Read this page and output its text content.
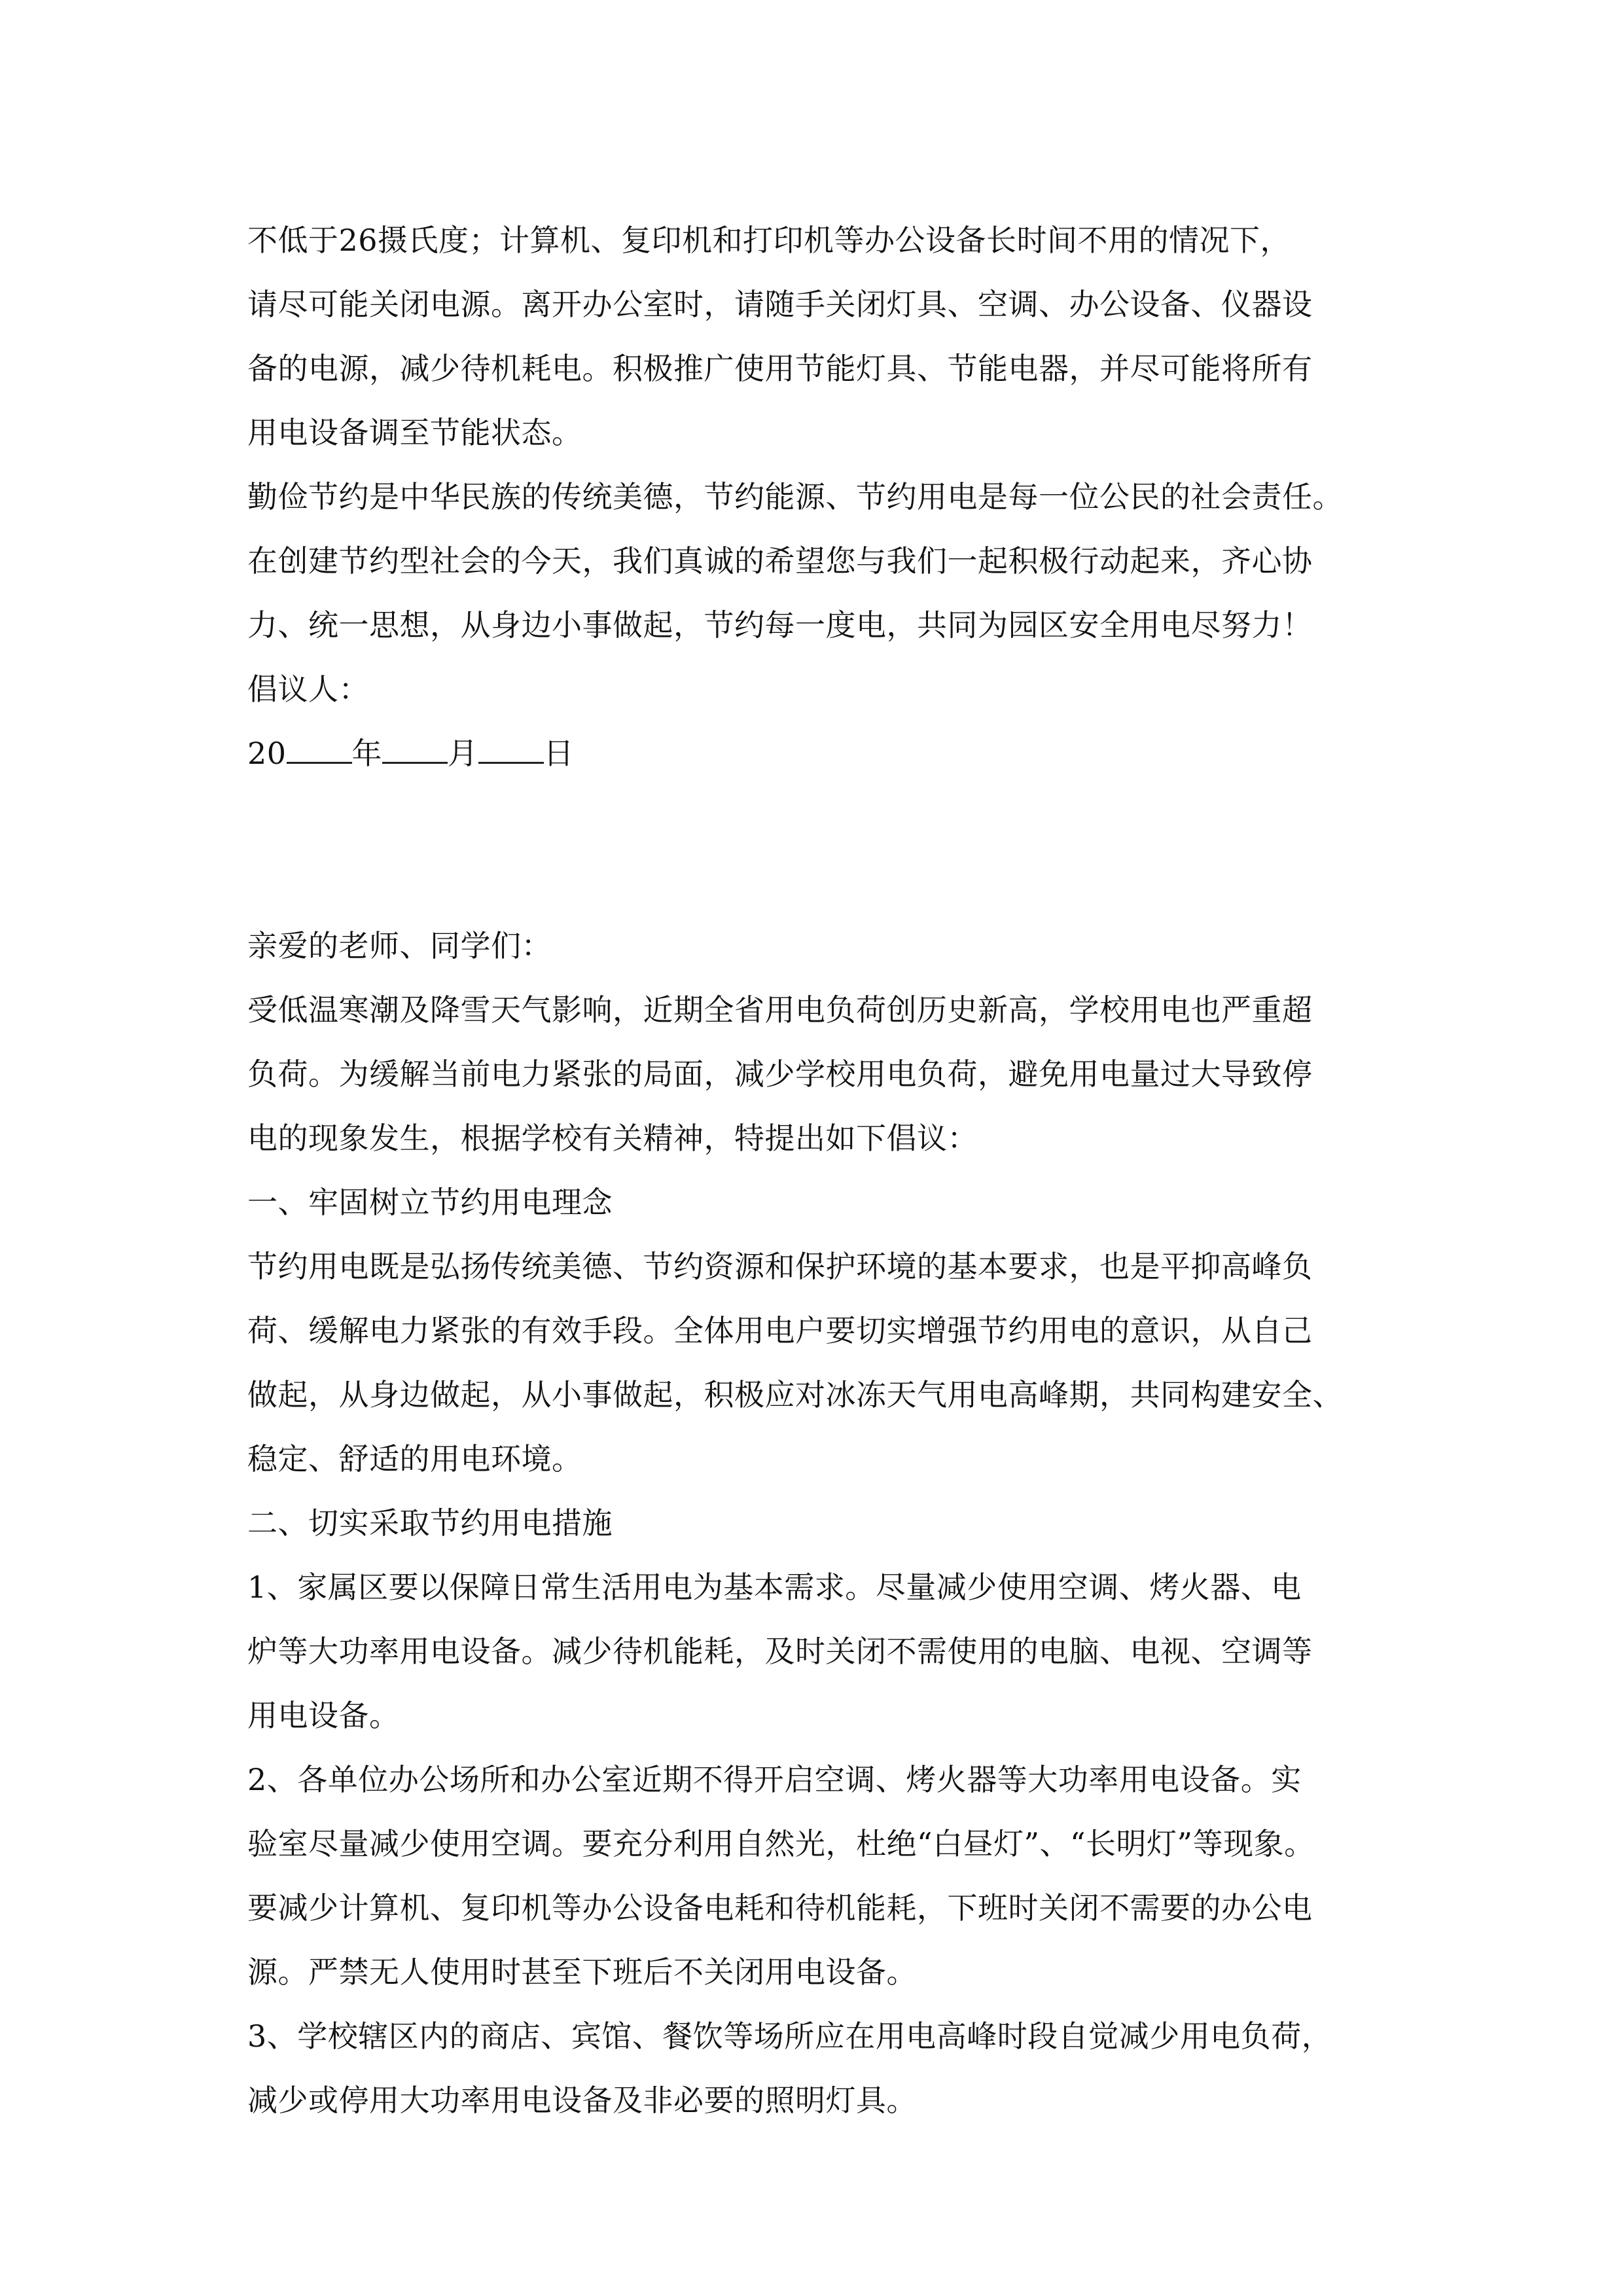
不低于26摄氏度；计算机、复印机和打印机等办公设备长时间不用的情况下，
请尽可能关闭电源。离开办公室时，请随手关闭灯具、空调、办公设备、仪器设
备的电源，减少待机耗电。积极推广使用节能灯具、节能电器，并尽可能将所有
用电设备调至节能状态。
勤俭节约是中华民族的传统美德，节约能源、节约用电是每一位公民的社会责任。
在创建节约型社会的今天，我们真诚的希望您与我们一起积极行动起来，齐心协
力、统一思想，从身边小事做起，节约每一度电，共同为园区安全用电尽努力！
倡议人：
20 年 月 日
亲爱的老师、同学们：
受低温寒潮及降雪天气影响，近期全省用电负荷创历史新高，学校用电也严重超
负荷。为缓解当前电力紧张的局面，减少学校用电负荷，避免用电量过大导致停
电的现象发生，根据学校有关精神，特提出如下倡议：
一、牢固树立节约用电理念
节约用电既是弘扬传统美德、节约资源和保护环境的基本要求，也是平抑高峰负
荷、缓解电力紧张的有效手段。全体用电户要切实增强节约用电的意识，从自己
做起，从身边做起，从小事做起，积极应对冰冻天气用电高峰期，共同构建安全、
稳定、舒适的用电环境。
二、切实采取节约用电措施
1、家属区要以保障日常生活用电为基本需求。尽量减少使用空调、烤火器、电
炉等大功率用电设备。减少待机能耗，及时关闭不需使用的电脑、电视、空调等
用电设备。
2、各单位办公场所和办公室近期不得开启空调、烤火器等大功率用电设备。实
验室尽量减少使用空调。要充分利用自然光，杜绝“白昼灯”、“长明灯”等现象。
要减少计算机、复印机等办公设备电耗和待机能耗，下班时关闭不需要的办公电
源。严禁无人使用时甚至下班后不关闭用电设备。
3、学校辖区内的商店、宾馆、餐饮等场所应在用电高峰时段自觉减少用电负荷，
减少或停用大功率用电设备及非必要的照明灯具。
